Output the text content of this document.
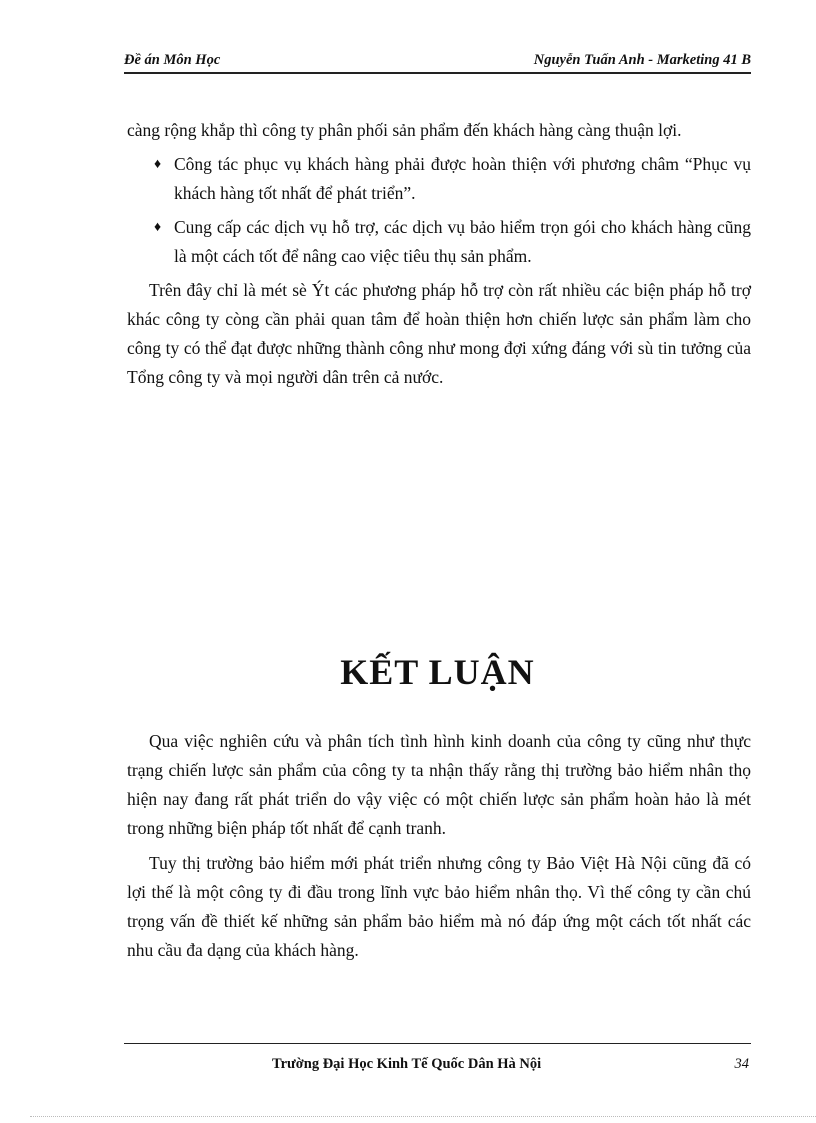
Đề án Môn Học	Nguyễn Tuấn Anh - Marketing 41 B

càng rộng khắp thì công ty phân phối sản phẩm đến khách hàng càng thuận lợi.

♦ Công tác phục vụ khách hàng phải được hoàn thiện với phương châm “Phục vụ khách hàng tốt nhất để phát triển”.
♦ Cung cấp các dịch vụ hỗ trợ, các dịch vụ bảo hiểm trọn gói cho khách hàng cũng là một cách tốt để nâng cao việc tiêu thụ sản phẩm.

Trên đây chỉ là mét sè Ýt các phương pháp hỗ trợ còn rất nhiều các biện pháp hỗ trợ khác công ty còng cần phải quan tâm để hoàn thiện hơn chiến lược sản phẩm làm cho công ty có thể đạt được những thành công như mong đợi xứng đáng với sù tin tưởng của Tổng công ty và mọi người dân trên cả nước.

KẾT LUẬN

Qua việc nghiên cứu và phân tích tình hình kinh doanh của công ty cũng như thực trạng chiến lược sản phẩm của công ty ta nhận thấy rằng thị trường bảo hiểm nhân thọ hiện nay đang rất phát triển do vậy việc có một chiến lược sản phẩm hoàn hảo là mét trong những biện pháp tốt nhất để cạnh tranh.

Tuy thị trường bảo hiểm mới phát triển nhưng công ty Bảo Việt Hà Nội cũng đã có lợi thế là một công ty đi đầu trong lĩnh vực bảo hiểm nhân thọ. Vì thế công ty cần chú trọng vấn đề thiết kế những sản phẩm bảo hiểm mà nó đáp ứng một cách tốt nhất các nhu cầu đa dạng của khách hàng.

Trường Đại Học Kinh Tế Quốc Dân Hà Nội	34
